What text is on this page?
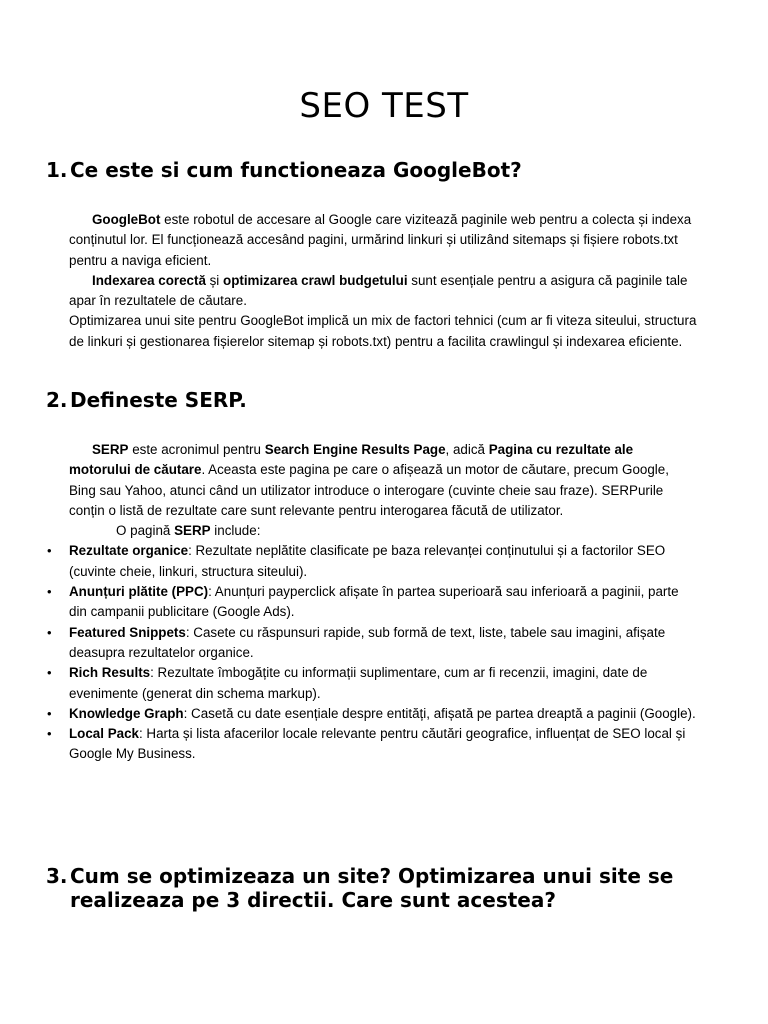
SEO TEST
1. Ce este si cum functioneaza GoogleBot?

GoogleBot este robotul de accesare al Google care vizitează paginile web pentru a colecta și indexa conținutul lor. El funcționează accesând pagini, urmărind linkuri și utilizând sitemaps și fișiere robots.txt pentru a naviga eficient.

Indexarea corectă și optimizarea crawl budgetului sunt esențiale pentru a asigura că paginile tale apar în rezultatele de căutare.

Optimizarea unui site pentru GoogleBot implică un mix de factori tehnici (cum ar fi viteza siteului, structura de linkuri și gestionarea fișierelor sitemap și robots.txt) pentru a facilita crawlingul și indexarea eficiente.

2. Defineste SERP.

SERP este acronimul pentru Search Engine Results Page, adică Pagina cu rezultate ale motorului de căutare. Aceasta este pagina pe care o afișează un motor de căutare, precum Google, Bing sau Yahoo, atunci când un utilizator introduce o interogare (cuvinte cheie sau fraze). SERPurile conțin o listă de rezultate care sunt relevante pentru interogarea făcută de utilizator.

O pagină SERP include:

• Rezultate organice: Rezultate neplătite clasificate pe baza relevanței conținutului și a factorilor SEO (cuvinte cheie, linkuri, structura siteului).
• Anunțuri plătite (PPC): Anunțuri payperclick afișate în partea superioară sau inferioară a paginii, parte din campanii publicitare (Google Ads).
• Featured Snippets: Casete cu răspunsuri rapide, sub formă de text, liste, tabele sau imagini, afișate deasupra rezultatelor organice.
• Rich Results: Rezultate îmbogățite cu informații suplimentare, cum ar fi recenzii, imagini, date de evenimente (generat din schema markup).
• Knowledge Graph: Casetă cu date esențiale despre entități, afișată pe partea dreaptă a paginii (Google).
• Local Pack: Harta și lista afacerilor locale relevante pentru căutări geografice, influențat de SEO local și Google My Business.
3. Cum se optimizeaza un site? Optimizarea unui site se realizeaza pe 3 directii. Care sunt acestea?
